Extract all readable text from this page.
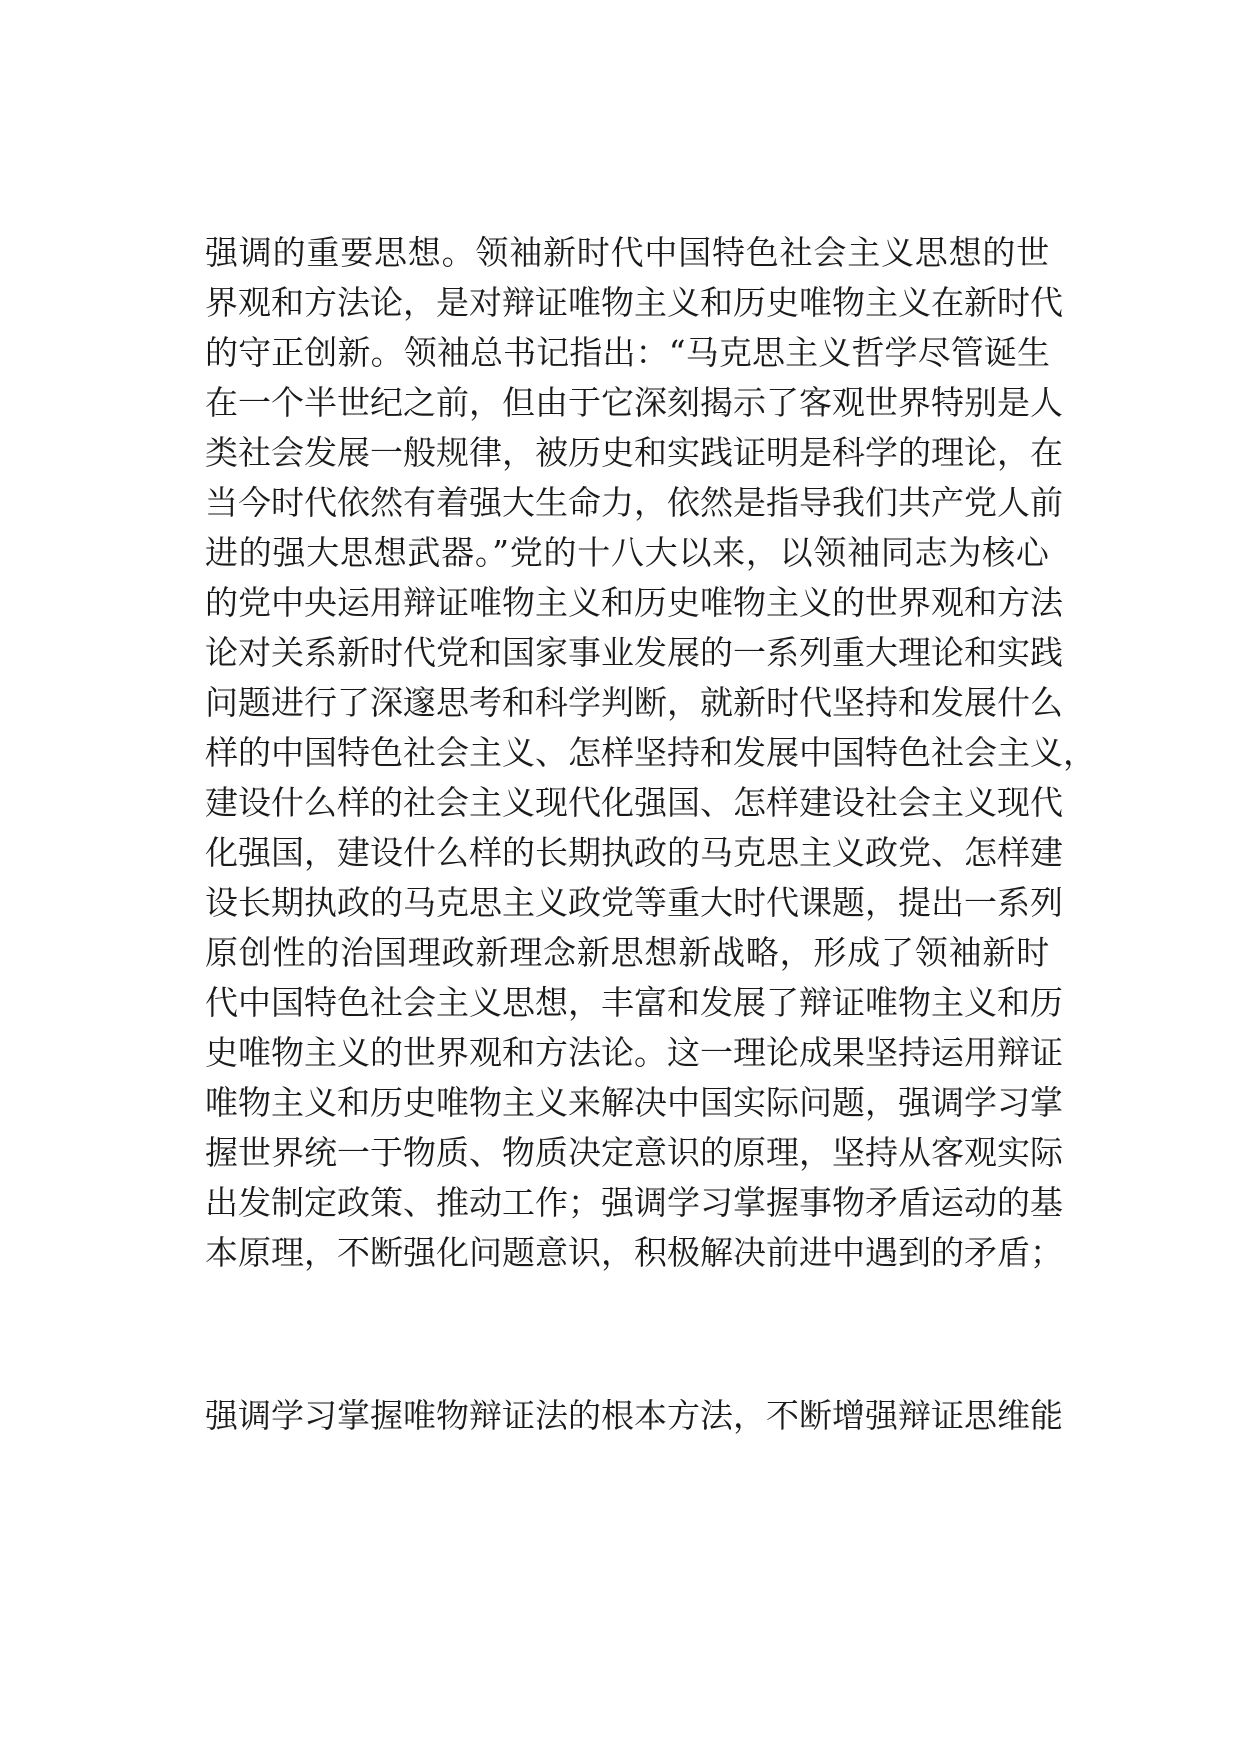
强调的重要思想。领袖新时代中国特色社会主义思想的世
界观和方法论，是对辩证唯物主义和历史唯物主义在新时代
的守正创新。领袖总书记指出：“马克思主义哲学尽管诞生
在一个半世纪之前，但由于它深刻揭示了客观世界特别是人
类社会发展一般规律，被历史和实践证明是科学的理论，在
当今时代依然有着强大生命力，依然是指导我们共产党人前
进的强大思想武器。”党的十八大以来，以领袖同志为核心
的党中央运用辩证唯物主义和历史唯物主义的世界观和方法
论对关系新时代党和国家事业发展的一系列重大理论和实践
问题进行了深邃思考和科学判断，就新时代坚持和发展什么
样的中国特色社会主义、怎样坚持和发展中国特色社会主义，
建设什么样的社会主义现代化强国、怎样建设社会主义现代
化强国，建设什么样的长期执政的马克思主义政党、怎样建
设长期执政的马克思主义政党等重大时代课题，提出一系列
原创性的治国理政新理念新思想新战略，形成了领袖新时
代中国特色社会主义思想，丰富和发展了辩证唯物主义和历
史唯物主义的世界观和方法论。这一理论成果坚持运用辩证
唯物主义和历史唯物主义来解决中国实际问题，强调学习掌
握世界统一于物质、物质决定意识的原理，坚持从客观实际
出发制定政策、推动工作；强调学习掌握事物矛盾运动的基
本原理，不断强化问题意识，积极解决前进中遇到的矛盾；
强调学习掌握唯物辩证法的根本方法，不断增强辩证思维能
